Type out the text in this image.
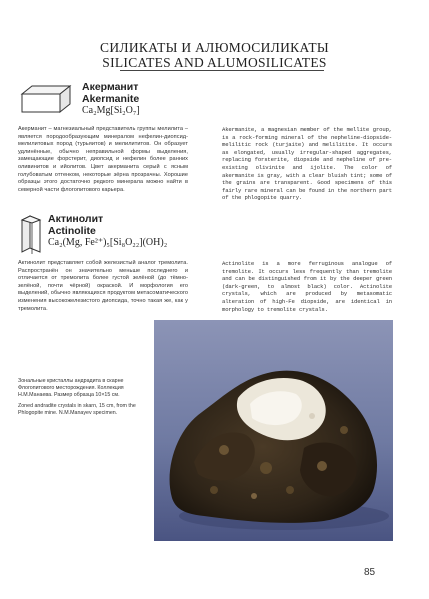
СИЛИКАТЫ И АЛЮМОСИЛИКАТЫ
SILICATES AND ALUMOSILICATES
Акерманит
Akermanite
Ca₂Mg[Si₂O₇]
Акерманит – магнезиальный представитель группы мелилита – является породообразующим минералом нефелин-диопсид-мелилитовых пород (турьяитов) и мелилититов. Он образует удлинённые, обычно неправильной формы выделения, замещающие форстерит, диопсид и нефелин более ранних оливинитов и ийолитов. Цвет акерманита серый с ясным голубоватым оттенком, некоторые зёрна прозрачны. Хорошие образцы этого достаточно редкого минерала можно найти в северной части флогопитового карьера.
Akermanite, a magnesian member of the mellite group, is a rock-forming mineral of the nepheline-diopside-melilitic rock (turjaite) and melilitite. It occurs as elongated, usually irregular-shaped aggregates, replacing forsterite, diopside and nepheline of pre-existing olivinite and ijolite. The color of akermanite is gray, with a clear bluish tint; some of the grains are transparent. Good specimens of this fairly rare mineral can be found in the northern part of the phlogopite quarry.
Актинолит
Actinolite
Ca₂(Mg, Fe²⁺)₅[Si₈O₂₂](OH)₂
Актинолит представляет собой железистый аналог тремолита. Распространён он значительно меньше последнего и отличается от тремолита более густой зелёной (до тёмно-зелёной, почти чёрной) окраской. И морфология его выделений, обычно являющихся продуктом метасоматического изменения высокожелезистого диопсида, точно такая же, как у тремолита.
Actinolite is a more ferruginous analogue of tremolite. It occurs less frequently than tremolite and can be distinguished from it by the deeper green (dark-green, to almost black) color. Actinolite crystals, which are produced by metasomatic alteration of high-Fe diopside, are identical in morphology to tremolite crystals.
Зональные кристаллы андрадита в скарне Флогопитового месторождения. Коллекция Н.М.Манаева. Размер образца 10×15 см.
Zoned andradite crystals in skarn, 15 cm, from the Phlogopite mine. N.M.Manayev specimen.
85
